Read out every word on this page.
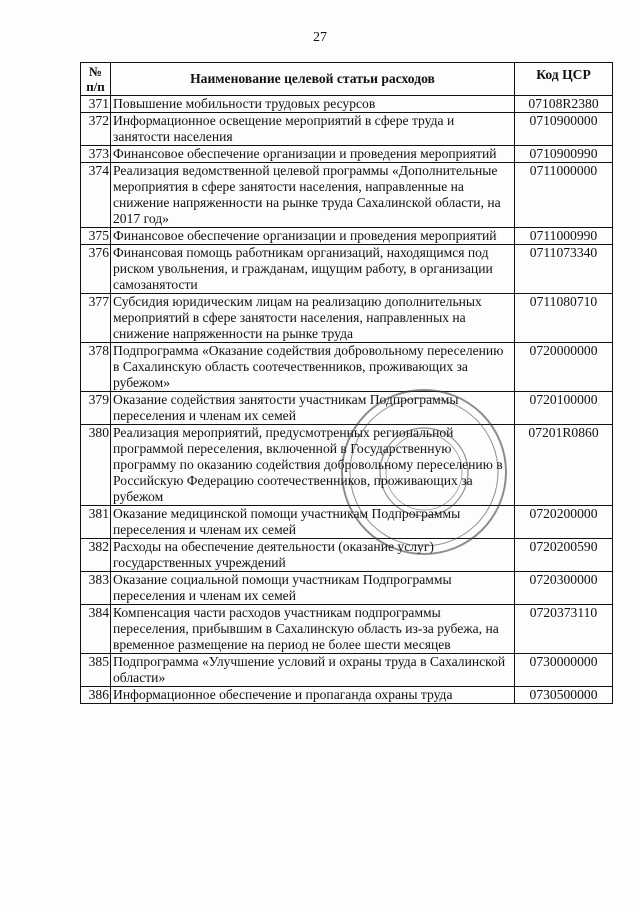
27
№
п/п	Наименование целевой статьи расходов	Код ЦСР
371	Повышение мобильности трудовых ресурсов	07108R2380
372	Информационное освещение мероприятий в сфере труда и занятости населения	0710900000
373	Финансовое обеспечение организации и проведения мероприятий	0710900990
374	Реализация ведомственной целевой программы «Дополнительные мероприятия в сфере занятости населения, направленные на снижение напряженности на рынке труда Сахалинской области, на 2017 год»	0711000000
375	Финансовое обеспечение организации и проведения мероприятий	0711000990
376	Финансовая помощь работникам организаций, находящимся под риском увольнения, и гражданам, ищущим работу, в организации самозанятости	0711073340
377	Субсидия юридическим лицам на реализацию дополнительных мероприятий в сфере занятости населения, направленных на снижение напряженности на рынке труда	0711080710
378	Подпрограмма «Оказание содействия добровольному переселению в Сахалинскую область соотечественников, проживающих за рубежом»	0720000000
379	Оказание содействия занятости участникам Подпрограммы переселения и членам их семей	0720100000
380	Реализация мероприятий, предусмотренных региональной программой переселения, включенной в Государственную программу по оказанию содействия добровольному переселению в Российскую Федерацию соотечественников, проживающих за рубежом	07201R0860
381	Оказание медицинской помощи участникам Подпрограммы переселения и членам их семей	0720200000
382	Расходы на обеспечение деятельности (оказание услуг) государственных учреждений	0720200590
383	Оказание социальной помощи участникам Подпрограммы переселения и членам их семей	0720300000
384	Компенсация части расходов участникам подпрограммы переселения, прибывшим в Сахалинскую область из-за рубежа, на временное размещение на период не более шести месяцев	0720373110
385	Подпрограмма «Улучшение условий и охраны труда в Сахалинской области»	0730000000
386	Информационное обеспечение и пропаганда охраны труда	0730500000
